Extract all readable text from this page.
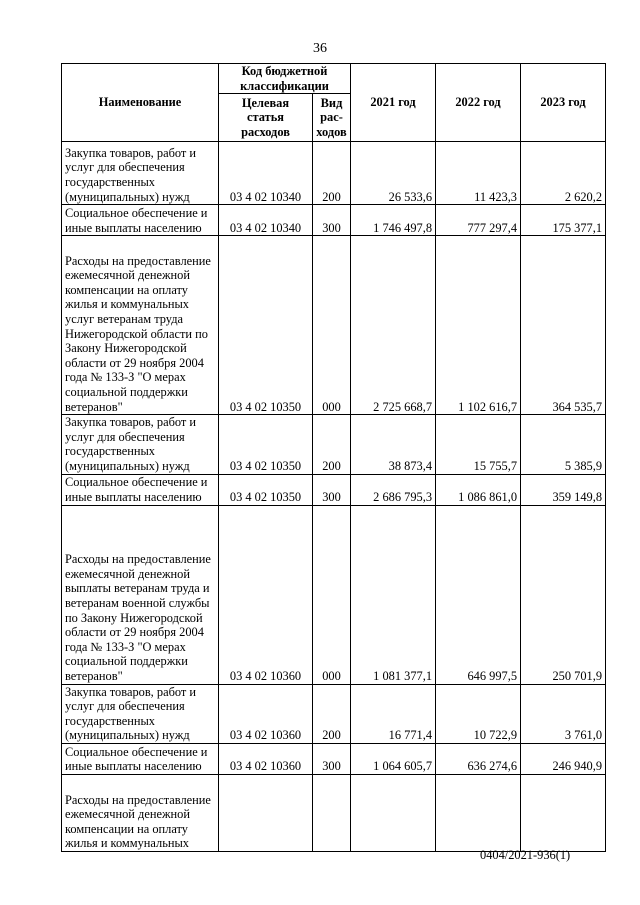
36
Наименование	Код бюджетной классификации		2021 год	2022 год	2023 год
	Целевая статья расходов	Вид рас-ходов			
Закупка товаров, работ и услуг для обеспечения государственных (муниципальных) нужд	03 4 02 10340	200	26 533,6	11 423,3	2 620,2
Социальное обеспечение и иные выплаты населению	03 4 02 10340	300	1 746 497,8	777 297,4	175 377,1
Расходы на предоставление ежемесячной денежной компенсации на оплату жилья и коммунальных услуг ветеранам труда Нижегородской области по Закону Нижегородской области от 29 ноября 2004 года № 133-З "О мерах социальной поддержки ветеранов"	03 4 02 10350	000	2 725 668,7	1 102 616,7	364 535,7
Закупка товаров, работ и услуг для обеспечения государственных (муниципальных) нужд	03 4 02 10350	200	38 873,4	15 755,7	5 385,9
Социальное обеспечение и иные выплаты населению	03 4 02 10350	300	2 686 795,3	1 086 861,0	359 149,8
Расходы на предоставление ежемесячной денежной выплаты ветеранам труда и ветеранам военной службы по Закону Нижегородской области от 29 ноября 2004 года № 133-З "О мерах социальной поддержки ветеранов"	03 4 02 10360	000	1 081 377,1	646 997,5	250 701,9
Закупка товаров, работ и услуг для обеспечения государственных (муниципальных) нужд	03 4 02 10360	200	16 771,4	10 722,9	3 761,0
Социальное обеспечение и иные выплаты населению	03 4 02 10360	300	1 064 605,7	636 274,6	246 940,9
Расходы на предоставление ежемесячной денежной компенсации на оплату жилья и коммунальных					
0404/2021-936(1)
